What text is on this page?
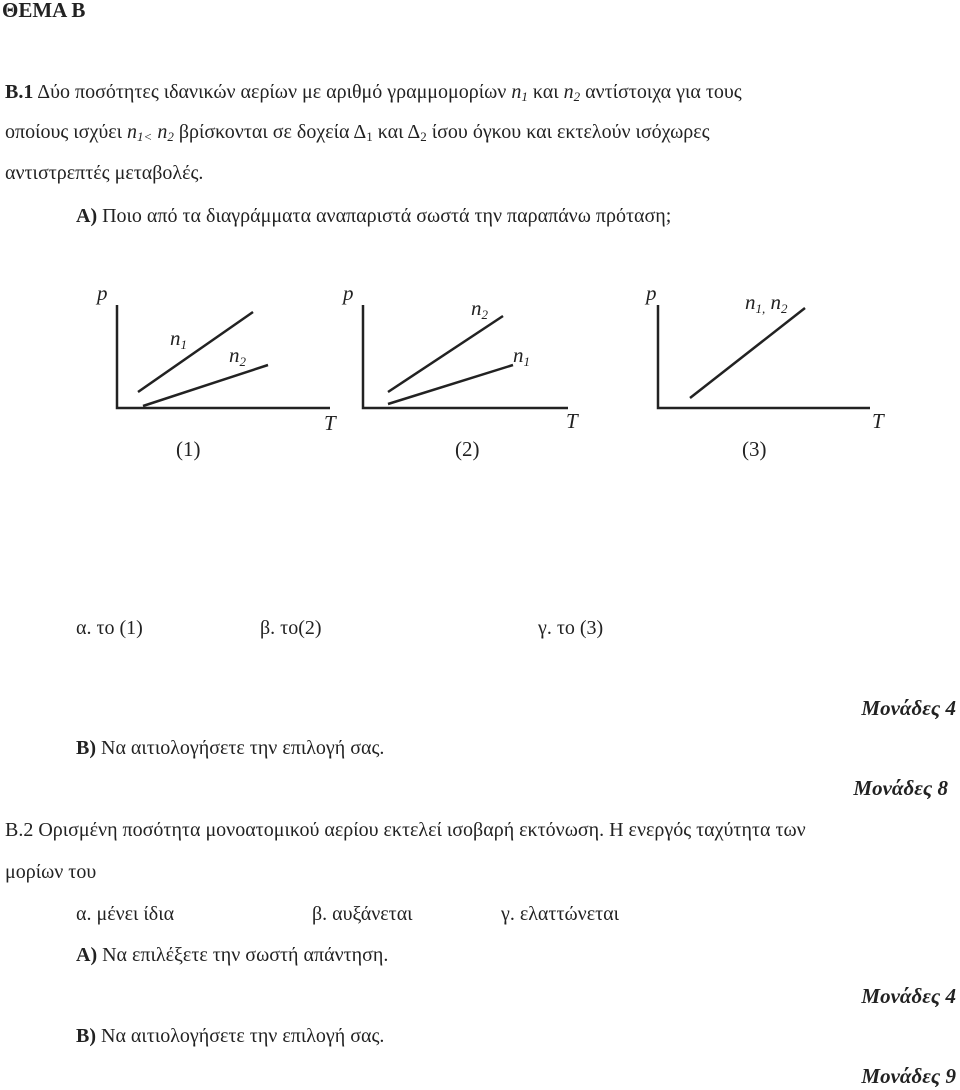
ΘΕΜΑ Β
Β.1 Δύο ποσότητες ιδανικών αερίων με αριθμό γραμμομορίων $n_1$ και $n_2$ αντίστοιχα για τους
οποίους ισχύει $n_{1<}$ $n_2$ βρίσκονται σε δοχεία $\Delta_1$ και $\Delta_2$ ίσου όγκου και εκτελούν ισόχωρες
αντιστρεπτές μεταβολές.
Α) Ποιο από τα διαγράμματα αναπαριστά σωστά την παραπάνω πρόταση;
p
T
n1 n2
(1)
p
T
n2
n1
(2)
p
T
n1, n2
(3)
α. το (1)	β. το(2)	γ. το (3)
Μονάδες 4
Β) Να αιτιολογήσετε την επιλογή σας.
Μονάδες 8
Β.2 Ορισμένη ποσότητα μονοατομικού αερίου εκτελεί ισοβαρή εκτόνωση. Η ενεργός ταχύτητα των
μορίων του
α. μένει ίδια	β. αυξάνεται	γ. ελαττώνεται
Α) Να επιλέξετε την σωστή απάντηση.
Μονάδες 4
Β) Να αιτιολογήσετε την επιλογή σας.
Μονάδες 9
